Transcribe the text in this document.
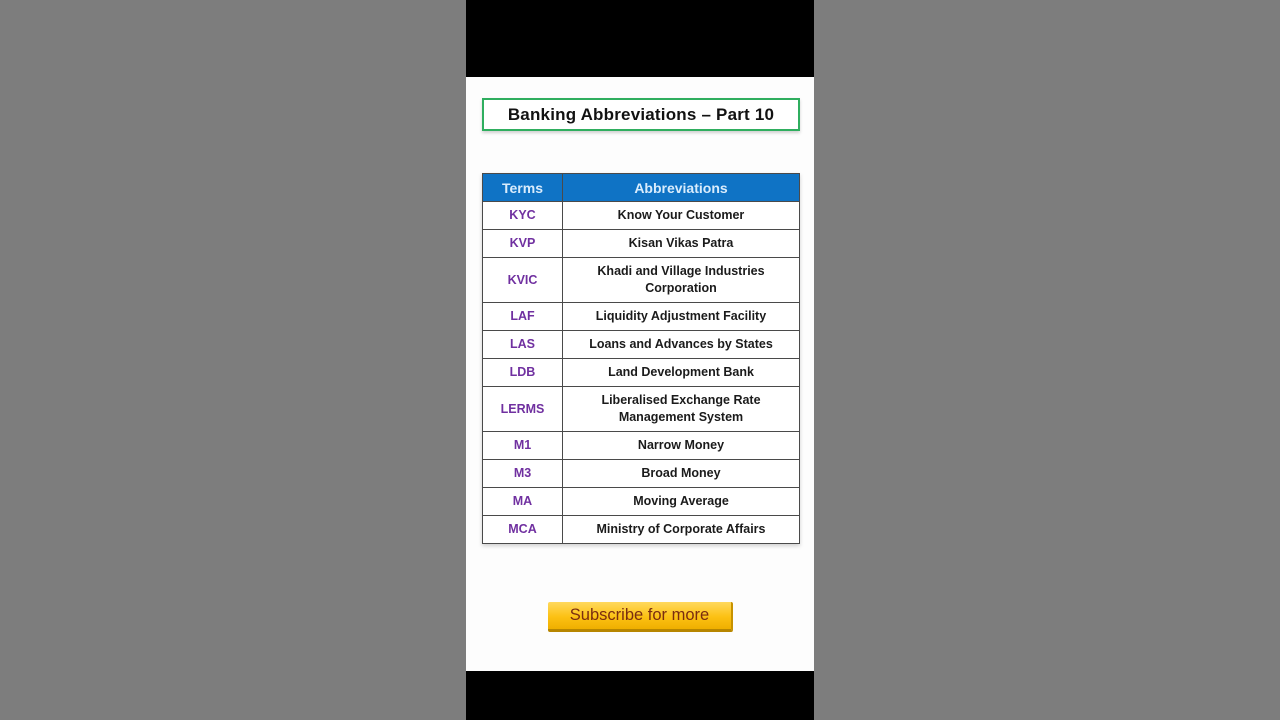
Banking Abbreviations – Part 10
Terms	Abbreviations
KYC	Know Your Customer
KVP	Kisan Vikas Patra
KVIC	Khadi and Village Industries Corporation
LAF	Liquidity Adjustment Facility
LAS	Loans and Advances by States
LDB	Land Development Bank
LERMS	Liberalised Exchange Rate Management System
M1	Narrow Money
M3	Broad Money
MA	Moving Average
MCA	Ministry of Corporate Affairs
Subscribe for more
